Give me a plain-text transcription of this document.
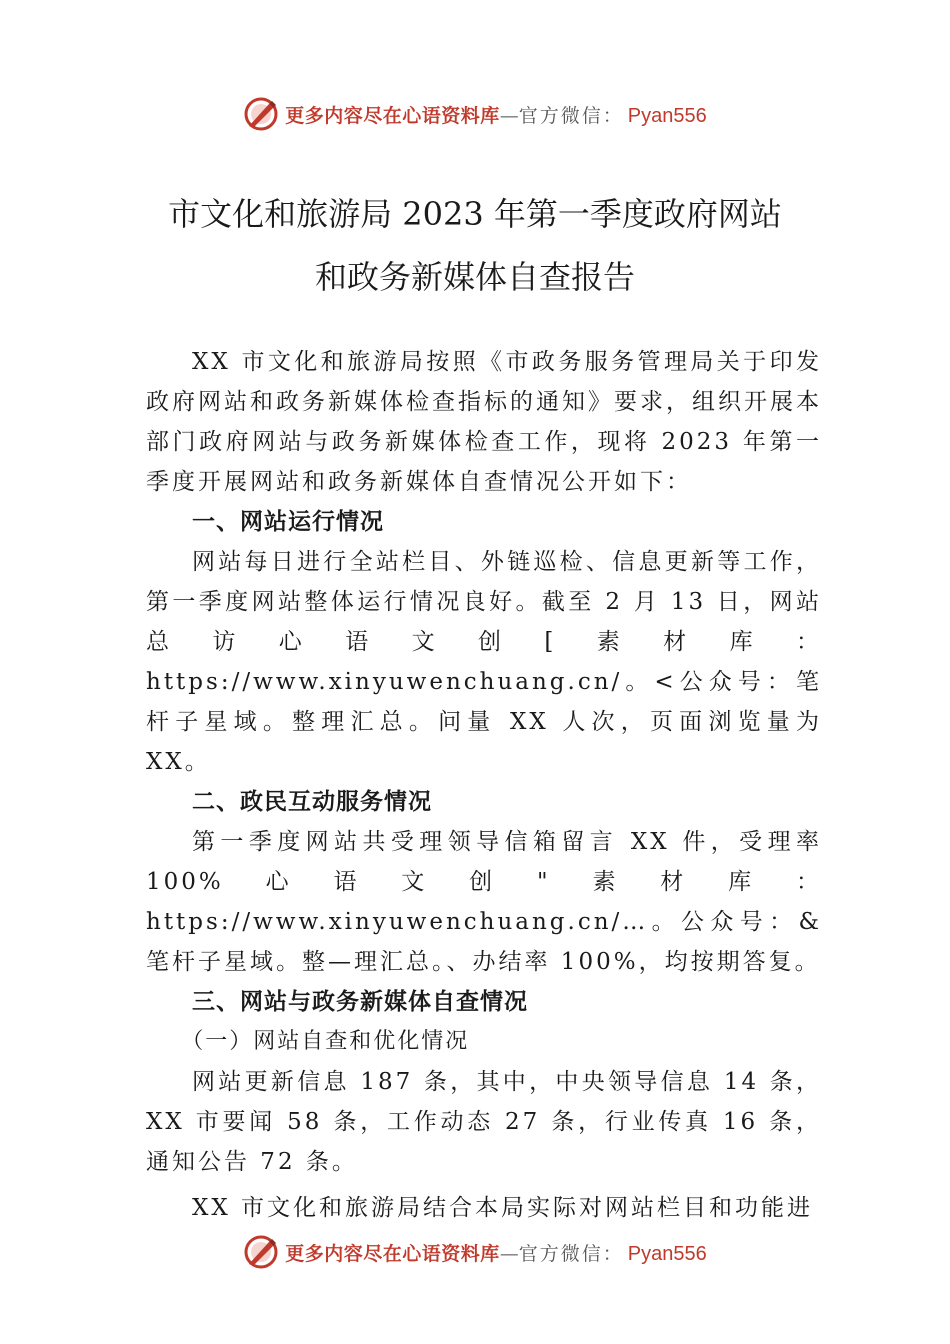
更多内容尽在心语资料库 — 官方微信： Pyan556
市文化和旅游局 2023 年第一季度政府网站
和政务新媒体自查报告

XX 市文化和旅游局按照《市政务服务管理局关于印发政府网站和政务新媒体检查指标的通知》要求，组织开展本部门政府网站与政务新媒体检查工作，现将 2023 年第一季度开展网站和政务新媒体自查情况公开如下：

一、网站运行情况

网站每日进行全站栏目、外链巡检、信息更新等工作，第一季度网站整体运行情况良好。截至 2 月 13 日，网站总访心语文创[素材库：https://www.xinyuwenchuang.cn/。<公众号：笔杆子星域。整理汇总。问量 XX 人次，页面浏览量为 XX。

二、政民互动服务情况

第一季度网站共受理领导信箱留言 XX 件，受理率 100%心语文创"素材库：https://www.xinyuwenchuang.cn/…。公众号：&笔杆子星域。整—理汇总。、办结率 100%，均按期答复。

三、网站与政务新媒体自查情况
（一）网站自查和优化情况

网站更新信息 187 条，其中，中央领导信息 14 条，XX 市要闻 58 条，工作动态 27 条，行业传真 16 条，通知公告 72 条。

XX 市文化和旅游局结合本局实际对网站栏目和功能进

更多内容尽在心语资料库 — 官方微信： Pyan556
